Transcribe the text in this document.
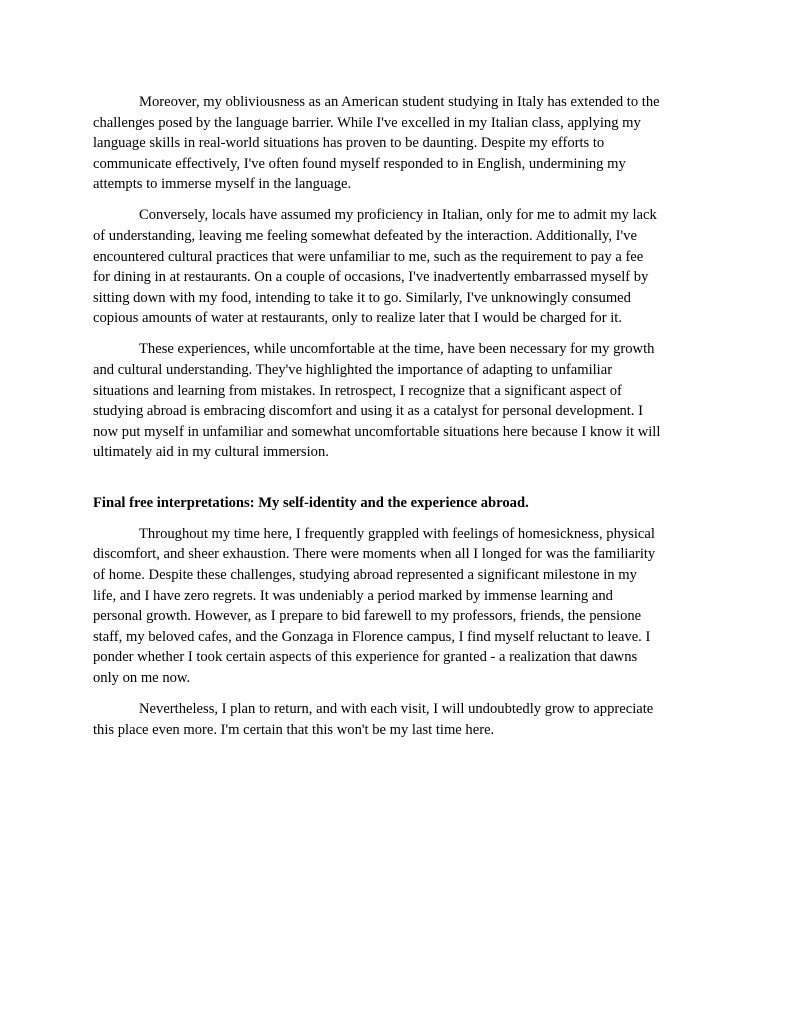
Moreover, my obliviousness as an American student studying in Italy has extended to the
challenges posed by the language barrier. While I've excelled in my Italian class, applying my
language skills in real-world situations has proven to be daunting. Despite my efforts to
communicate effectively, I've often found myself responded to in English, undermining my
attempts to immerse myself in the language.

Conversely, locals have assumed my proficiency in Italian, only for me to admit my lack
of understanding, leaving me feeling somewhat defeated by the interaction. Additionally, I've
encountered cultural practices that were unfamiliar to me, such as the requirement to pay a fee
for dining in at restaurants. On a couple of occasions, I've inadvertently embarrassed myself by
sitting down with my food, intending to take it to go. Similarly, I've unknowingly consumed
copious amounts of water at restaurants, only to realize later that I would be charged for it.

These experiences, while uncomfortable at the time, have been necessary for my growth
and cultural understanding. They've highlighted the importance of adapting to unfamiliar
situations and learning from mistakes. In retrospect, I recognize that a significant aspect of
studying abroad is embracing discomfort and using it as a catalyst for personal development. I
now put myself in unfamiliar and somewhat uncomfortable situations here because I know it will
ultimately aid in my cultural immersion.

Final free interpretations: My self-identity and the experience abroad.

Throughout my time here, I frequently grappled with feelings of homesickness, physical
discomfort, and sheer exhaustion. There were moments when all I longed for was the familiarity
of home. Despite these challenges, studying abroad represented a significant milestone in my
life, and I have zero regrets. It was undeniably a period marked by immense learning and
personal growth. However, as I prepare to bid farewell to my professors, friends, the pensione
staff, my beloved cafes, and the Gonzaga in Florence campus, I find myself reluctant to leave. I
ponder whether I took certain aspects of this experience for granted - a realization that dawns
only on me now.

Nevertheless, I plan to return, and with each visit, I will undoubtedly grow to appreciate
this place even more. I'm certain that this won't be my last time here.
